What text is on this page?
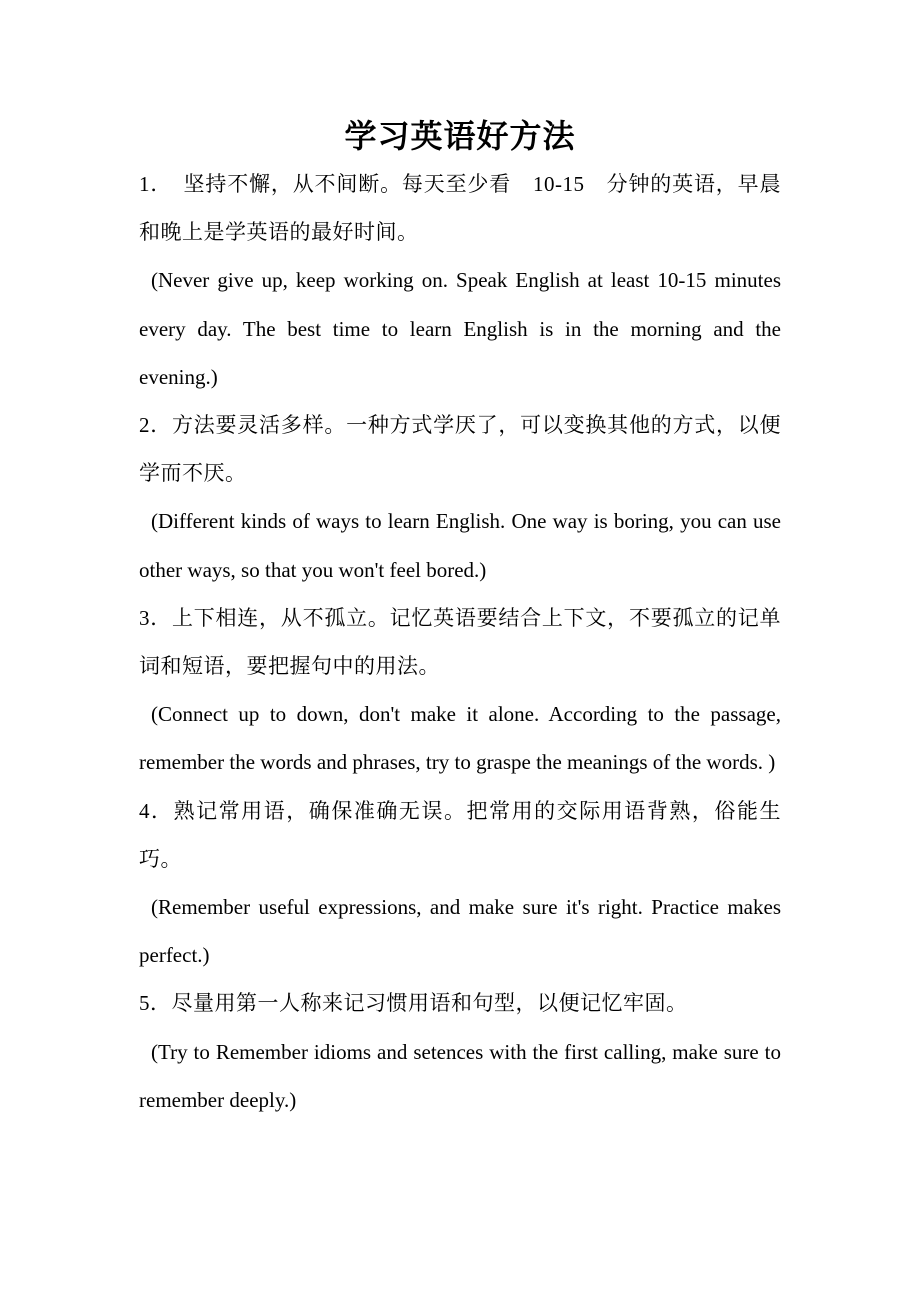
学习英语好方法

1．　坚持不懈，从不间断。每天至少看　10-15　分钟的英语，早晨和晚上是学英语的最好时间。

(Never give up, keep working on. Speak English at least 10-15 minutes every day. The best time to learn English is in the morning and the evening.)

2．方法要灵活多样。一种方式学厌了，可以变换其他的方式，以便学而不厌。

(Different kinds of ways to learn English. One way is boring, you can use other ways, so that you won't feel bored.)

3．上下相连，从不孤立。记忆英语要结合上下文，不要孤立的记单词和短语，要把握句中的用法。

(Connect up to down, don't make it alone. According to the passage, remember the words and phrases, try to graspe the meanings of the words. )

4．熟记常用语，确保准确无误。把常用的交际用语背熟，俗能生巧。

(Remember useful expressions, and make sure it's right. Practice makes perfect.)

5．尽量用第一人称来记习惯用语和句型，以便记忆牢固。

(Try to Remember idioms and setences with the first calling, make sure to remember deeply.)
